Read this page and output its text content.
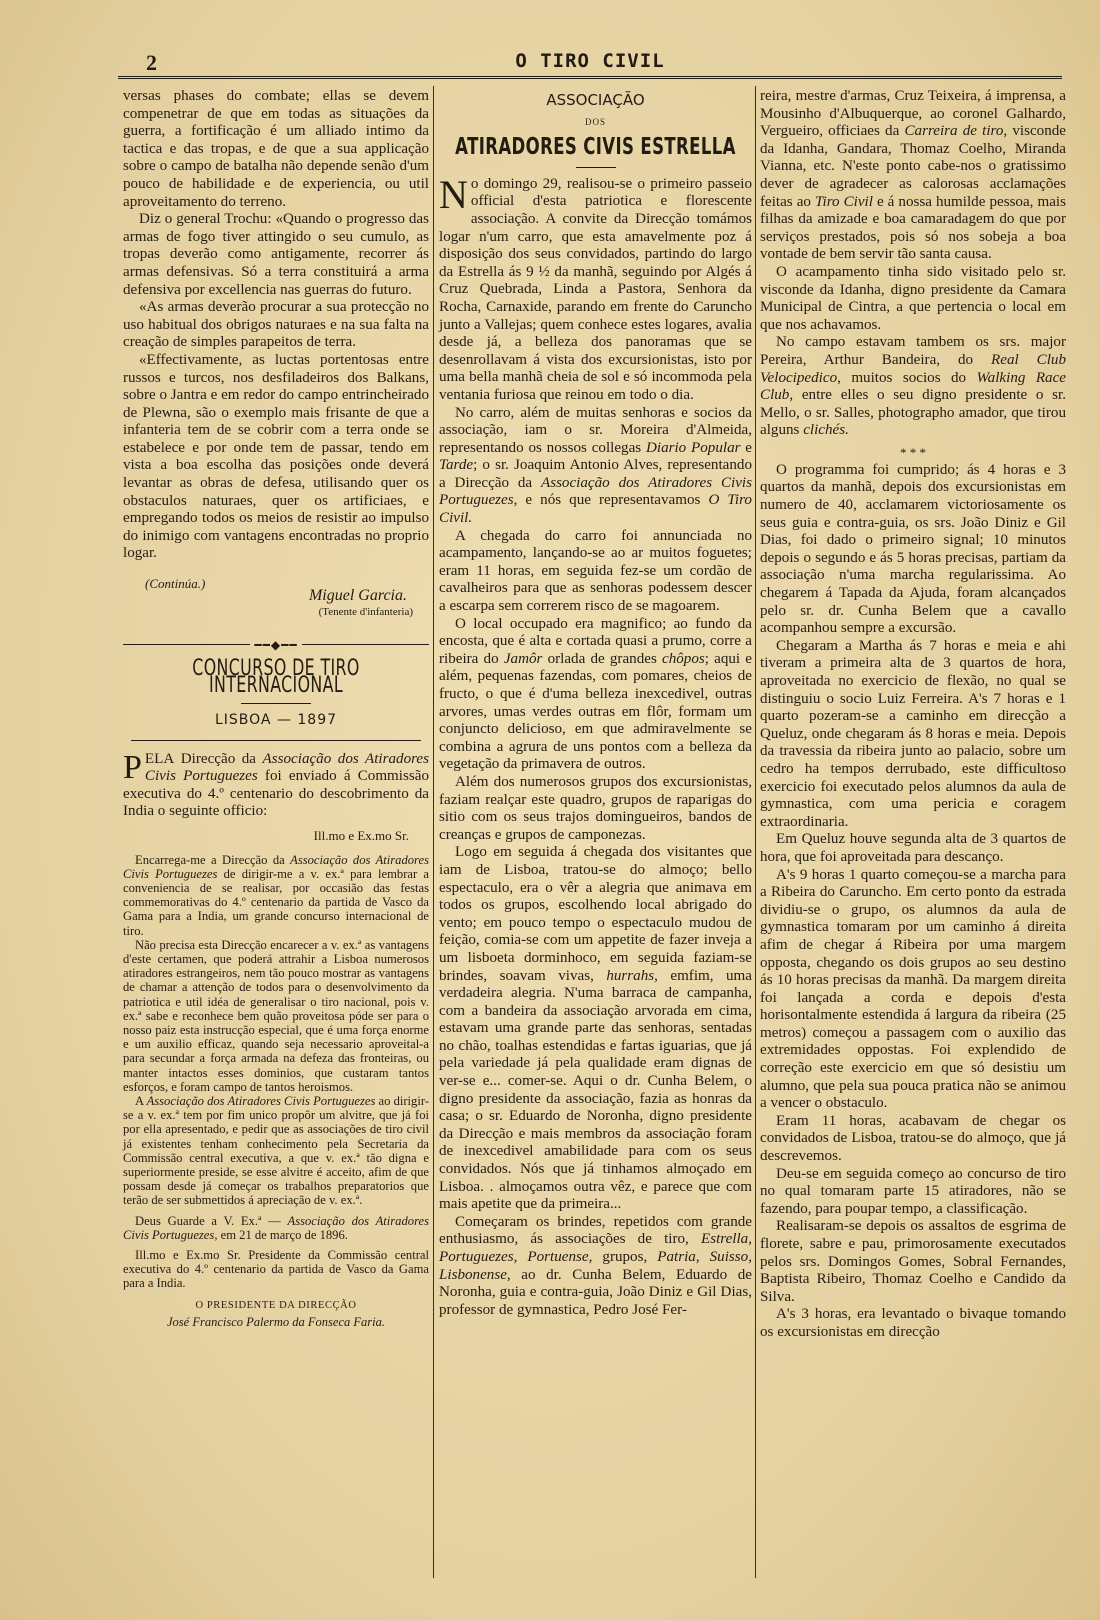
2	O TIRO CIVIL

versas phases do combate; ellas se devem compenetrar de que em todas as situações da guerra, a fortificação é um alliado intimo da tactica e das tropas, e de que a sua applicação sobre o campo de batalha não depende senão d'um pouco de habilidade e de experiencia, ou util aproveitamento do terreno.

Diz o general Trochu: «Quando o progresso das armas de fogo tiver attingido o seu cumulo, as tropas deverão como antigamente, recorrer ás armas defensivas. Só a terra constituirá a arma defensiva por excellencia nas guerras do futuro.

«As armas deverão procurar a sua protecção no uso habitual dos obrigos naturaes e na sua falta na creação de simples parapeitos de terra.

«Effectivamente, as luctas portentosas entre russos e turcos, nos desfiladeiros dos Balkans, sobre o Jantra e em redor do campo entrincheirado de Plewna, são o exemplo mais frisante de que a infanteria tem de se cobrir com a terra onde se estabelece e por onde tem de passar, tendo em vista a boa escolha das posições onde deverá levantar as obras de defesa, utilisando quer os obstaculos naturaes, quer os artificiaes, e empregando todos os meios de resistir ao impulso do inimigo com vantagens encontradas no proprio logar.

(Continúa.)
Miguel Garcia.
(Tenente d'infanteria)
━━◆━━
CONCURSO DE TIRO INTERNACIONAL
LISBOA — 1897

PELA Direcção da Associação dos Atiradores Civis Portuguezes foi enviado á Commissão executiva do 4.º centenario do descobrimento da India o seguinte officio:

Ill.mo e Ex.mo Sr.

Encarrega-me a Direcção da Associação dos Atiradores Civis Portuguezes de dirigir-me a v. ex.ª para lembrar a conveniencia de se realisar, por occasião das festas commemorativas do 4.º centenario da partida de Vasco da Gama para a India, um grande concurso internacional de tiro.

Não precisa esta Direcção encarecer a v. ex.ª as vantagens d'este certamen, que poderá attrahir a Lisboa numerosos atiradores estrangeiros, nem tão pouco mostrar as vantagens de chamar a attenção de todos para o desenvolvimento da patriotica e util idéa de generalisar o tiro nacional, pois v. ex.ª sabe e reconhece bem quão proveitosa póde ser para o nosso paiz esta instrucção especial, que é uma força enorme e um auxilio efficaz, quando seja necessario aproveital-a para secundar a força armada na defeza das fronteiras, ou manter intactos esses dominios, que custaram tantos esforços, e foram campo de tantos heroismos.

A Associação dos Atiradores Civis Portuguezes ao dirigir-se a v. ex.ª tem por fim unico propôr um alvitre, que já foi por ella apresentado, e pedir que as associações de tiro civil já existentes tenham conhecimento pela Secretaria da Commissão central executiva, a que v. ex.ª tão digna e superiormente preside, se esse alvitre é acceito, afim de que possam desde já começar os trabalhos preparatorios que terão de ser submettidos á apreciação de v. ex.ª.

Deus Guarde a V. Ex.ª — Associação dos Atiradores Civis Portuguezes, em 21 de março de 1896.

Ill.mo e Ex.mo Sr. Presidente da Commissão central executiva do 4.º centenario da partida de Vasco da Gama para a India.

O PRESIDENTE DA DIRECÇÃO
José Francisco Palermo da Fonseca Faria.
ASSOCIAÇÃO
DOS
ATIRADORES CIVIS ESTRELLA

No domingo 29, realisou-se o primeiro passeio official d'esta patriotica e florescente associação. A convite da Direcção tomámos logar n'um carro, que esta amavelmente poz á disposição dos seus convidados, partindo do largo da Estrella ás 9 ½ da manhã, seguindo por Algés á Cruz Quebrada, Linda a Pastora, Senhora da Rocha, Carnaxide, parando em frente do Caruncho junto a Vallejas; quem conhece estes logares, avalia desde já, a belleza dos panoramas que se desenrollavam á vista dos excursionistas, isto por uma bella manhã cheia de sol e só incommoda pela ventania furiosa que reinou em todo o dia.

No carro, além de muitas senhoras e socios da associação, iam o sr. Moreira d'Almeida, representando os nossos collegas Diario Popular e Tarde; o sr. Joaquim Antonio Alves, representando a Direcção da Associação dos Atiradores Civis Portuguezes, e nós que representavamos O Tiro Civil.

A chegada do carro foi annunciada no acampamento, lançando-se ao ar muitos foguetes; eram 11 horas, em seguida fez-se um cordão de cavalheiros para que as senhoras podessem descer a escarpa sem correrem risco de se magoarem.

O local occupado era magnifico; ao fundo da encosta, que é alta e cortada quasi a prumo, corre a ribeira do Jamôr orlada de grandes chôpos; aqui e além, pequenas fazendas, com pomares, cheios de fructo, o que é d'uma belleza inexcedivel, outras arvores, umas verdes outras em flôr, formam um conjuncto delicioso, em que admiravelmente se combina a agrura de uns pontos com a belleza da vegetação da primavera de outros.

Além dos numerosos grupos dos excursionistas, faziam realçar este quadro, grupos de raparigas do sitio com os seus trajos domingueiros, bandos de creanças e grupos de camponezas.

Logo em seguida á chegada dos visitantes que iam de Lisboa, tratou-se do almoço; bello espectaculo, era o vêr a alegria que animava em todos os grupos, escolhendo local abrigado do vento; em pouco tempo o espectaculo mudou de feição, comia-se com um appetite de fazer inveja a um lisboeta dorminhoco, em seguida faziam-se brindes, soavam vivas, hurrahs, emfim, uma verdadeira alegria. N'uma barraca de campanha, com a bandeira da associação arvorada em cima, estavam uma grande parte das senhoras, sentadas no chão, toalhas estendidas e fartas iguarias, que já pela variedade já pela qualidade eram dignas de ver-se e... comer-se. Aqui o dr. Cunha Belem, o digno presidente da associação, fazia as honras da casa; o sr. Eduardo de Noronha, digno presidente da Direcção e mais membros da associação foram de inexcedivel amabilidade para com os seus convidados. Nós que já tinhamos almoçado em Lisboa. . almoçamos outra vêz, e parece que com mais apetite que da primeira...

Começaram os brindes, repetidos com grande enthusiasmo, ás associações de tiro, Estrella, Portuguezes, Portuense, grupos, Patria, Suisso, Lisbonense, ao dr. Cunha Belem, Eduardo de Noronha, guia e contra-guia, João Diniz e Gil Dias, professor de gymnastica, Pedro José Fer-

reira, mestre d'armas, Cruz Teixeira, á imprensa, a Mousinho d'Albuquerque, ao coronel Galhardo, Vergueiro, officiaes da Carreira de tiro, visconde da Idanha, Gandara, Thomaz Coelho, Miranda Vianna, etc. N'este ponto cabe-nos o gratissimo dever de agradecer as calorosas acclamações feitas ao Tiro Civil e á nossa humilde pessoa, mais filhas da amizade e boa camaradagem do que por serviços prestados, pois só nos sobeja a boa vontade de bem servir tão santa causa.

O acampamento tinha sido visitado pelo sr. visconde da Idanha, digno presidente da Camara Municipal de Cintra, a que pertencia o local em que nos achavamos.

No campo estavam tambem os srs. major Pereira, Arthur Bandeira, do Real Club Velocipedico, muitos socios do Walking Race Club, entre elles o seu digno presidente o sr. Mello, o sr. Salles, photographo amador, que tirou alguns clichés.

* * *

O programma foi cumprido; ás 4 horas e 3 quartos da manhã, depois dos excursionistas em numero de 40, acclamarem victoriosamente os seus guia e contra-guia, os srs. João Diniz e Gil Dias, foi dado o primeiro signal; 10 minutos depois o segundo e ás 5 horas precisas, partiam da associação n'uma marcha regularissima. Ao chegarem á Tapada da Ajuda, foram alcançados pelo sr. dr. Cunha Belem que a cavallo acompanhou sempre a excursão.

Chegaram a Martha ás 7 horas e meia e ahi tiveram a primeira alta de 3 quartos de hora, aproveitada no exercicio de flexão, no qual se distinguiu o socio Luiz Ferreira. A's 7 horas e 1 quarto pozeram-se a caminho em direcção a Queluz, onde chegaram ás 8 horas e meia. Depois da travessia da ribeira junto ao palacio, sobre um cedro ha tempos derrubado, este difficultoso exercicio foi executado pelos alumnos da aula de gymnastica, com uma pericia e coragem extraordinaria.

Em Queluz houve segunda alta de 3 quartos de hora, que foi aproveitada para descanço.

A's 9 horas 1 quarto começou-se a marcha para a Ribeira do Caruncho. Em certo ponto da estrada dividiu-se o grupo, os alumnos da aula de gymnastica tomaram por um caminho á direita afim de chegar á Ribeira por uma margem opposta, chegando os dois grupos ao seu destino ás 10 horas precisas da manhã. Da margem direita foi lançada a corda e depois d'esta horisontalmente estendida á largura da ribeira (25 metros) começou a passagem com o auxilio das extremidades oppostas. Foi explendido de correção este exercicio em que só desistiu um alumno, que pela sua pouca pratica não se animou a vencer o obstaculo.

Eram 11 horas, acabavam de chegar os convidados de Lisboa, tratou-se do almoço, que já descrevemos.

Deu-se em seguida começo ao concurso de tiro no qual tomaram parte 15 atiradores, não se fazendo, para poupar tempo, a classificação.

Realisaram-se depois os assaltos de esgrima de florete, sabre e pau, primorosamente executados pelos srs. Domingos Gomes, Sobral Fernandes, Baptista Ribeiro, Thomaz Coelho e Candido da Silva.

A's 3 horas, era levantado o bivaque tomando os excursionistas em direcção
